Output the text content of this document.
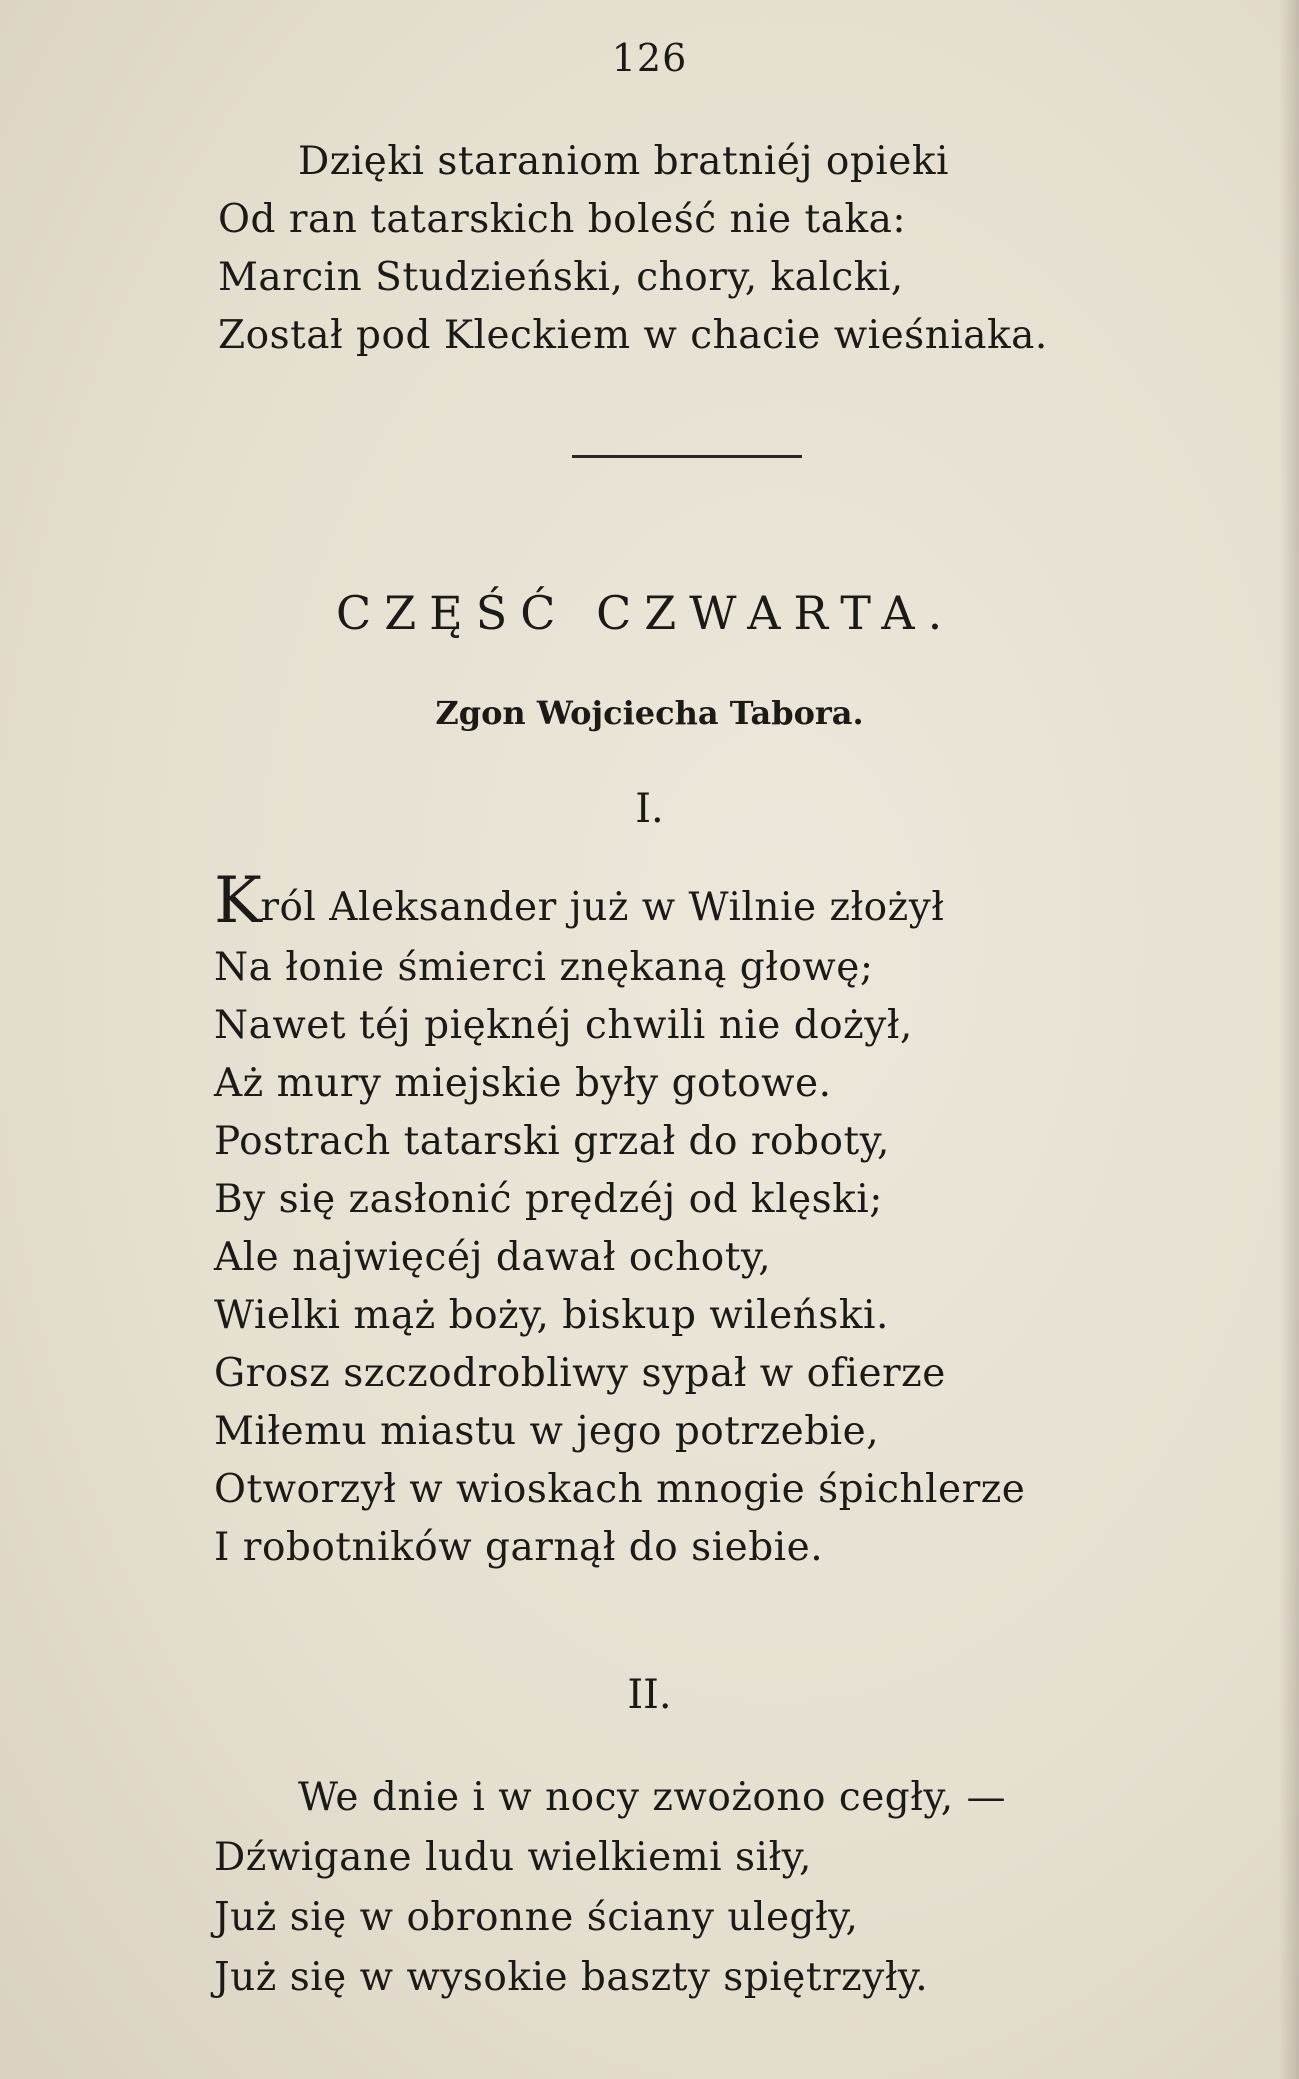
126
Dzięki staraniom bratniéj opieki
Od ran tatarskich boleść nie taka:
Marcin Studzieński, chory, kalcki,
Został pod Kleckiem w chacie wieśniaka.
CZĘŚĆ CZWARTA.
Zgon Wojciecha Tabora.
I.
Król Aleksander już w Wilnie złożył
Na łonie śmierci znękaną głowę;
Nawet téj pięknéj chwili nie dożył,
Aż mury miejskie były gotowe.
Postrach tatarski grzał do roboty,
By się zasłonić prędzéj od klęski;
Ale najwięcéj dawał ochoty,
Wielki mąż boży, biskup wileński.
Grosz szczodrobliwy sypał w ofierze
Miłemu miastu w jego potrzebie,
Otworzył w wioskach mnogie śpichlerze
I robotników garnął do siebie.
II.
We dnie i w nocy zwożono cegły, —
Dźwigane ludu wielkiemi siły,
Już się w obronne ściany uległy,
Już się w wysokie baszty spiętrzyły.
